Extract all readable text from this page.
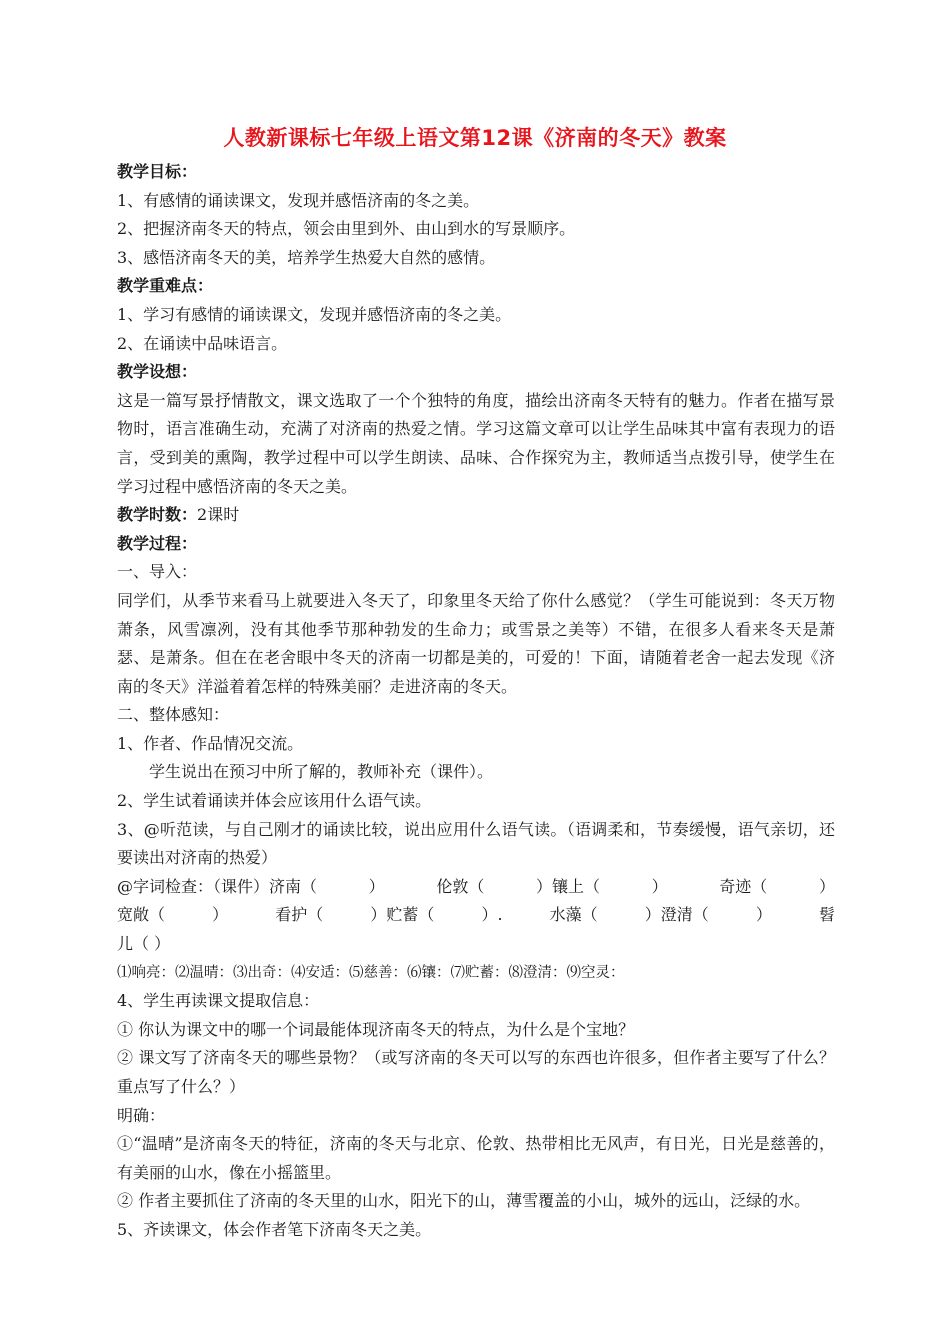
人教新课标七年级上语文第12课《济南的冬天》教案

教学目标：

1、有感情的诵读课文，发现并感悟济南的冬之美。

2、把握济南冬天的特点，领会由里到外、由山到水的写景顺序。

3、感悟济南冬天的美，培养学生热爱大自然的感情。

教学重难点：

1、学习有感情的诵读课文，发现并感悟济南的冬之美。

2、在诵读中品味语言。

教学设想：

这是一篇写景抒情散文，课文选取了一个个独特的角度，描绘出济南冬天特有的魅力。作者在描写景物时，语言准确生动，充满了对济南的热爱之情。学习这篇文章可以让学生品味其中富有表现力的语言，受到美的熏陶，教学过程中可以学生朗读、品味、合作探究为主，教师适当点拨引导，使学生在学习过程中感悟济南的冬天之美。

教学时数：2课时

教学过程：

一、导入：

同学们，从季节来看马上就要进入冬天了，印象里冬天给了你什么感觉？（学生可能说到：冬天万物萧条，风雪凛冽，没有其他季节那种勃发的生命力；或雪景之美等）不错，在很多人看来冬天是萧瑟、是萧条。但在在老舍眼中冬天的济南一切都是美的，可爱的！下面，请随着老舍一起去发现《济南的冬天》洋溢着着怎样的特殊美丽？走进济南的冬天。

二、整体感知：

1、作者、作品情况交流。

学生说出在预习中所了解的，教师补充（课件）。

2、学生试着诵读并体会应该用什么语气读。

3、@听范读，与自己刚才的诵读比较，说出应用什么语气读。（语调柔和，节奏缓慢，语气亲切，还要读出对济南的热爱）

@字词检查：（课件）济南（	）	伦敦（	）镶上（	）	奇迹（	）
宽敞（	）	看护（	）贮蓄（	）.	水藻（	）澄清（	）	髫

儿（ ）

⑴响亮：⑵温晴：⑶出奇：⑷安适：⑸慈善：⑹镶：⑺贮蓄：⑻澄清：⑼空灵：

4、学生再读课文提取信息：

① 你认为课文中的哪一个词最能体现济南冬天的特点，为什么是个宝地？

② 课文写了济南冬天的哪些景物？（或写济南的冬天可以写的东西也许很多，但作者主要写了什么？重点写了什么？）

明确：

①“温晴”是济南冬天的特征，济南的冬天与北京、伦敦、热带相比无风声，有日光，日光是慈善的，有美丽的山水，像在小摇篮里。

② 作者主要抓住了济南的冬天里的山水，阳光下的山，薄雪覆盖的小山，城外的远山，泛绿的水。

5、齐读课文，体会作者笔下济南冬天之美。
